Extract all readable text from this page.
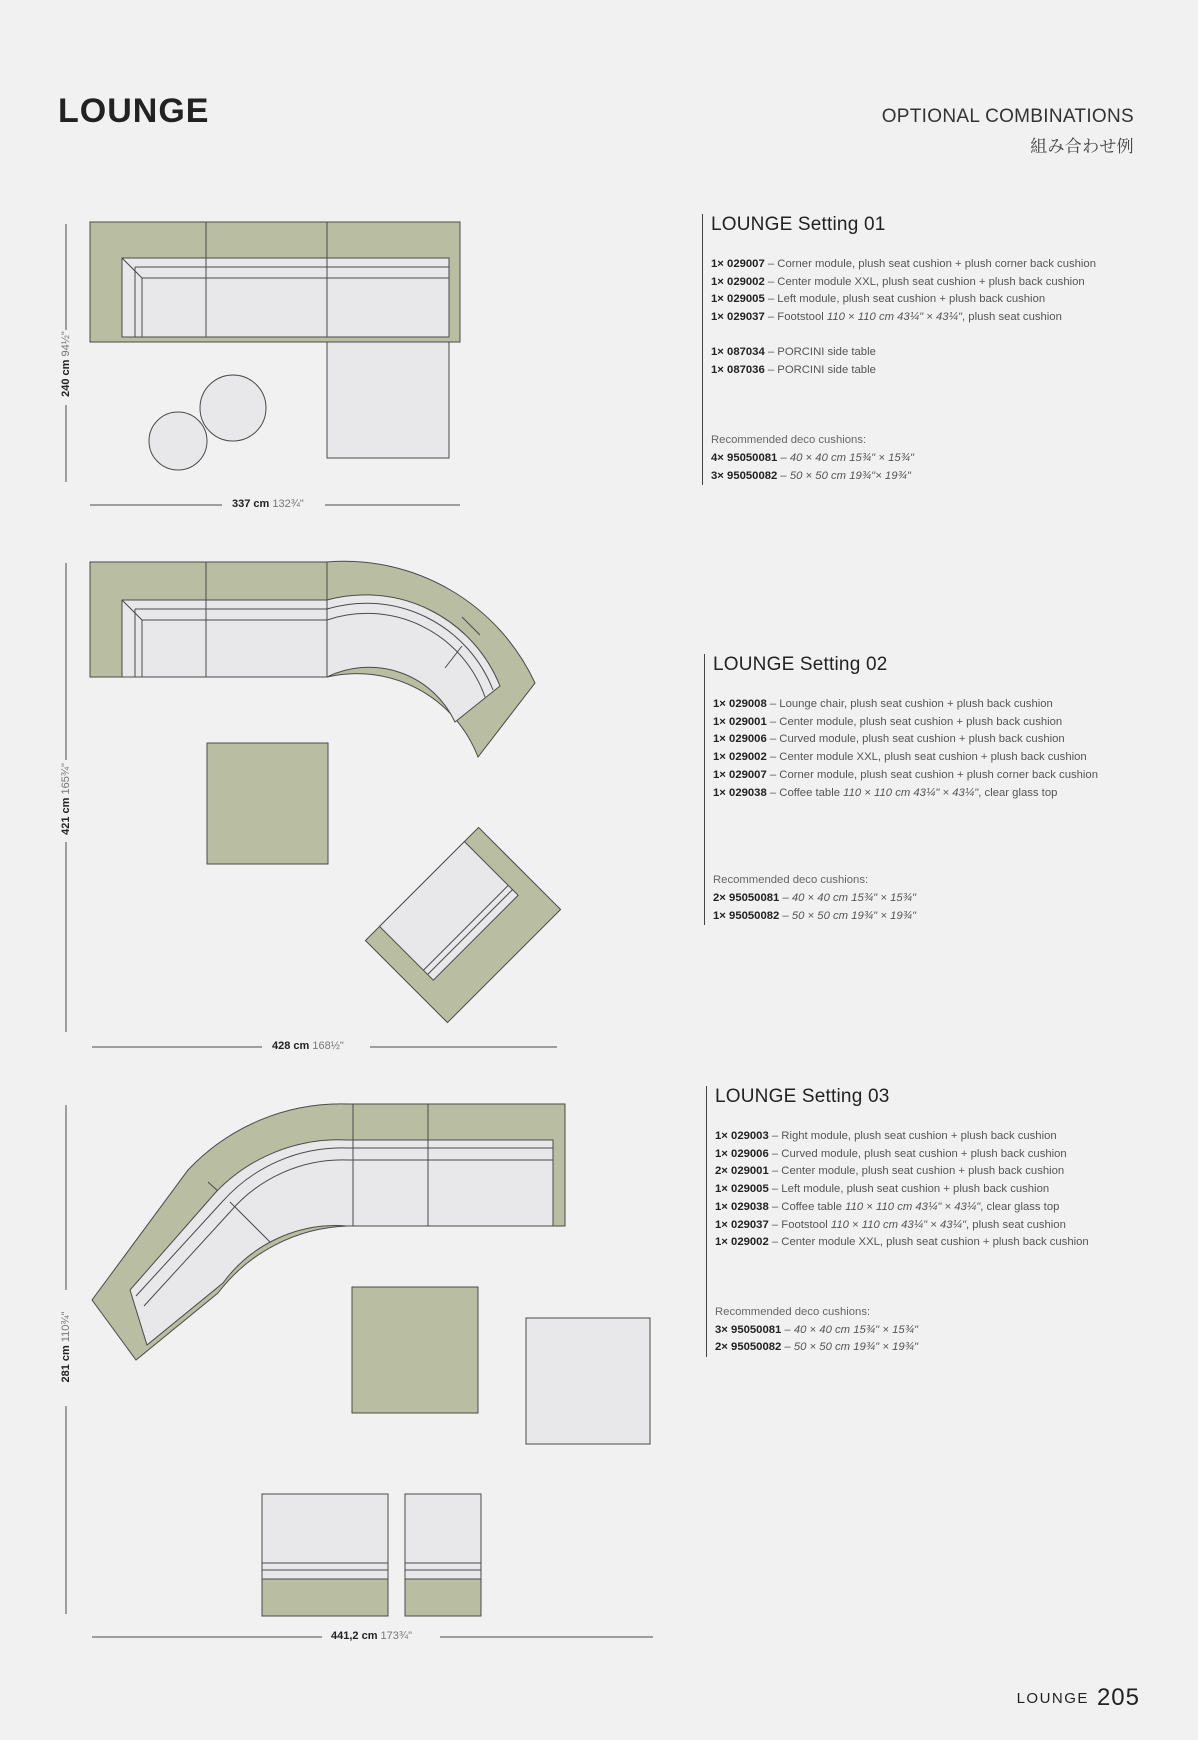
LOUNGE	OPTIONAL COMBINATIONS
組み合わせ例
337 cm 132¾"
240 cm 94½"
428 cm 168½"
421 cm 165¾"
441,2 cm 173¾"
281 cm 110¾"
LOUNGE Setting 01
1× 029007 – Corner module, plush seat cushion + plush corner back cushion
1× 029002 – Center module XXL, plush seat cushion + plush back cushion
1× 029005 – Left module, plush seat cushion + plush back cushion
1× 029037 – Footstool 110 × 110 cm 43¼" × 43¼", plush seat cushion
1× 087034 – PORCINI side table
1× 087036 – PORCINI side table
Recommended deco cushions:
4× 95050081 – 40 × 40 cm 15¾" × 15¾"
3× 95050082 – 50 × 50 cm 19¾"× 19¾"
LOUNGE Setting 02
1× 029008 – Lounge chair, plush seat cushion + plush back cushion
1× 029001 – Center module, plush seat cushion + plush back cushion
1× 029006 – Curved module, plush seat cushion + plush back cushion
1× 029002 – Center module XXL, plush seat cushion + plush back cushion
1× 029007 – Corner module, plush seat cushion + plush corner back cushion
1× 029038 – Coffee table 110 × 110 cm 43¼" × 43¼", clear glass top
Recommended deco cushions:
2× 95050081 – 40 × 40 cm 15¾" × 15¾"
1× 95050082 – 50 × 50 cm 19¾" × 19¾"
LOUNGE Setting 03
1× 029003 – Right module, plush seat cushion + plush back cushion
1× 029006 – Curved module, plush seat cushion + plush back cushion
2× 029001 – Center module, plush seat cushion + plush back cushion
1× 029005 – Left module, plush seat cushion + plush back cushion
1× 029038 – Coffee table 110 × 110 cm 43¼" × 43¼", clear glass top
1× 029037 – Footstool 110 × 110 cm 43¼" × 43¼", plush seat cushion
1× 029002 – Center module XXL, plush seat cushion + plush back cushion
Recommended deco cushions:
3× 95050081 – 40 × 40 cm 15¾" × 15¾"
2× 95050082 – 50 × 50 cm 19¾" × 19¾"
LOUNGE 205
